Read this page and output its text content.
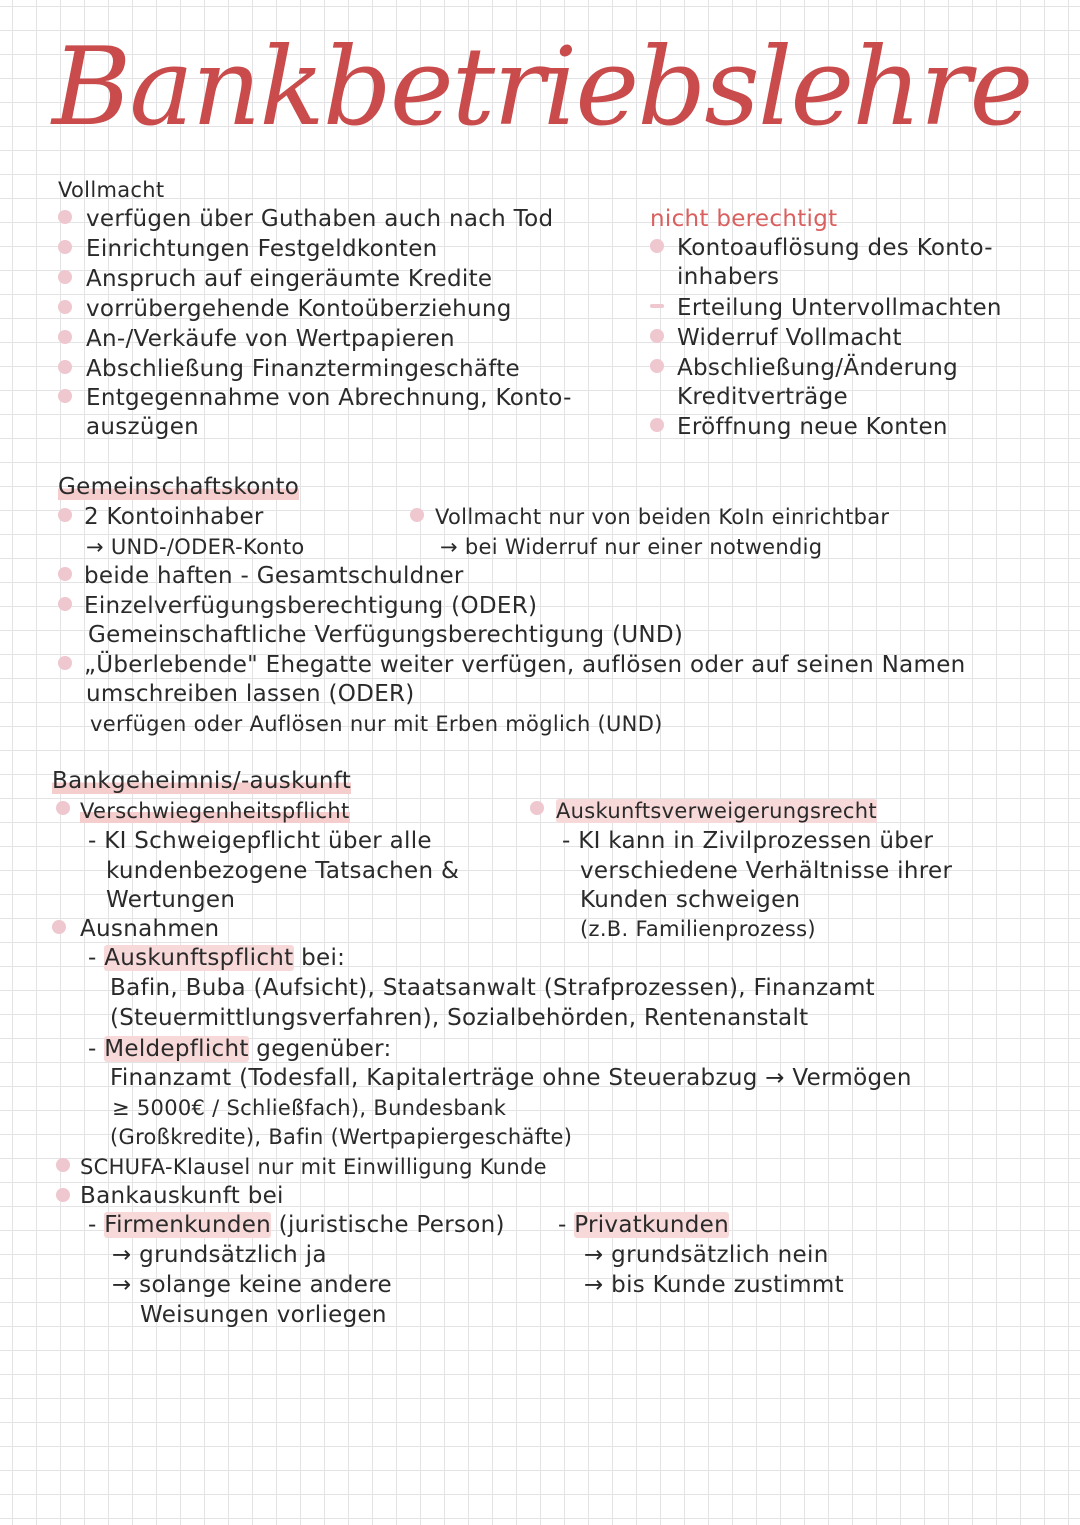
Bankbetriebslehre
Vollmacht
verfügen über Guthaben auch nach Tod
Einrichtungen Festgeldkonten
Anspruch auf eingeräumte Kredite
vorrübergehende Kontoüberziehung
An-/Verkäufe von Wertpapieren
Abschließung Finanztermingeschäfte
Entgegennahme von Abrechnung, Konto-
auszügen
nicht berechtigt
Kontoauflösung des Konto-
inhabers
Erteilung Untervollmachten
Widerruf Vollmacht
Abschließung/Änderung
Kreditverträge
Eröffnung neue Konten
Gemeinschaftskonto
2 Kontoinhaber
→ UND-/ODER-Konto
Vollmacht nur von beiden KoIn einrichtbar
→ bei Widerruf nur einer notwendig
beide haften - Gesamtschuldner
Einzelverfügungsberechtigung (ODER)
Gemeinschaftliche Verfügungsberechtigung (UND)
„Überlebende" Ehegatte weiter verfügen, auflösen oder auf seinen Namen
umschreiben lassen (ODER)
verfügen oder Auflösen nur mit Erben möglich (UND)
Bankgeheimnis/-auskunft
Verschwiegenheitspflicht
- KI Schweigepflicht über alle
kundenbezogene Tatsachen &
Wertungen
Auskunftsverweigerungsrecht
- KI kann in Zivilprozessen über
verschiedene Verhältnisse ihrer
Kunden schweigen
(z.B. Familienprozess)
Ausnahmen
- Auskunftspflicht bei:
Bafin, Buba (Aufsicht), Staatsanwalt (Strafprozessen), Finanzamt
(Steuermittlungsverfahren), Sozialbehörden, Rentenanstalt
- Meldepflicht gegenüber:
Finanzamt (Todesfall, Kapitalerträge ohne Steuerabzug → Vermögen
≥ 5000€ / Schließfach), Bundesbank
(Großkredite), Bafin (Wertpapiergeschäfte)
SCHUFA-Klausel nur mit Einwilligung Kunde
Bankauskunft bei
- Firmenkunden (juristische Person)
→ grundsätzlich ja
→ solange keine andere
Weisungen vorliegen
- Privatkunden
→ grundsätzlich nein
→ bis Kunde zustimmt
